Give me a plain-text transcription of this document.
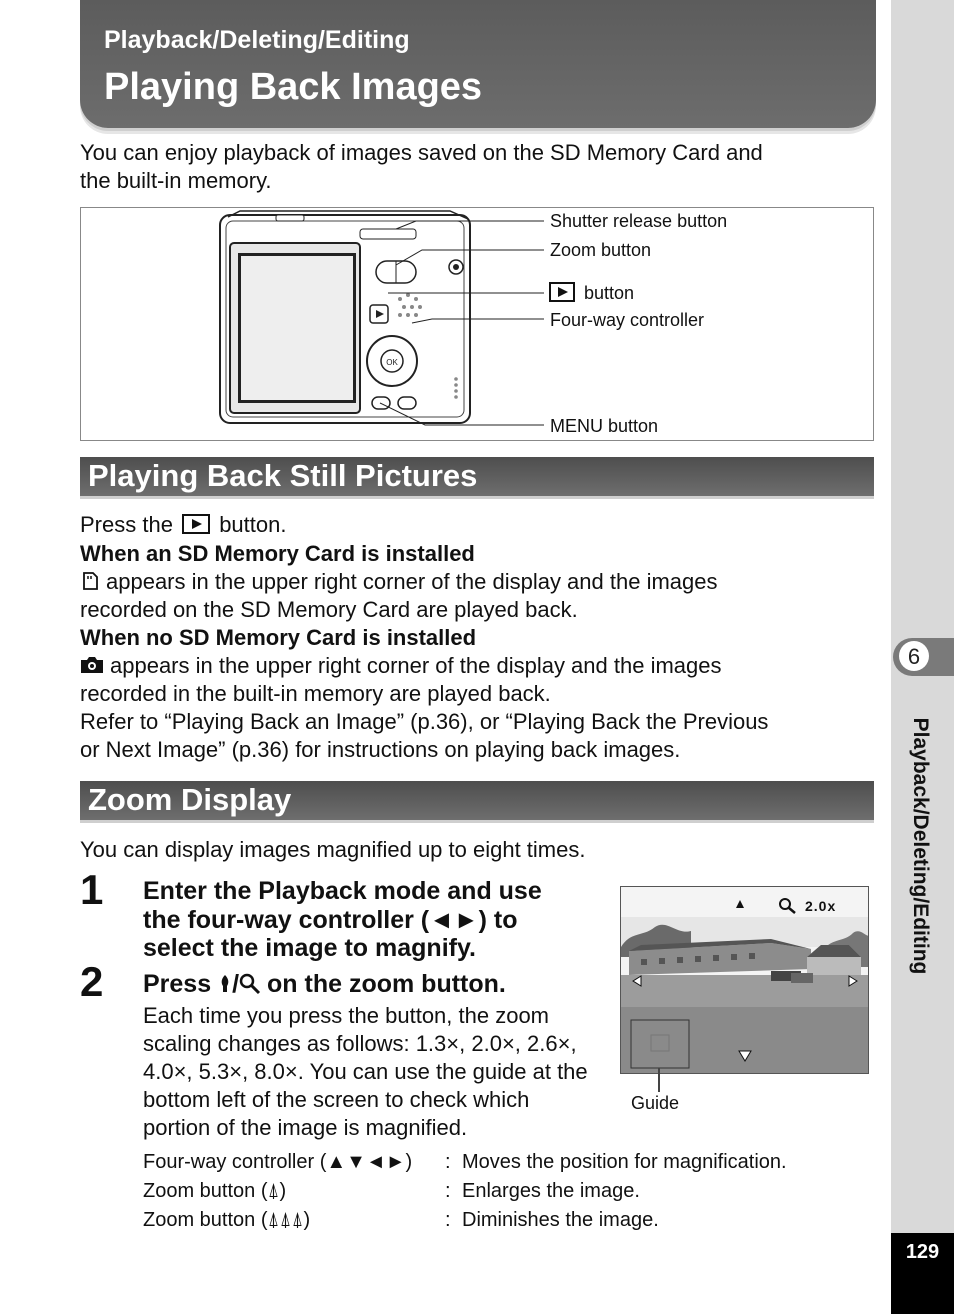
Playback/Deleting/Editing
Playing Back Images
6
Playback/Deleting/Editing
129
You can enjoy playback of images saved on the SD Memory Card and
the built-in memory.
OK
Shutter release button
Zoom button
button
Four-way controller
MENU button
Playing Back Still Pictures
Press the button.
When an SD Memory Card is installed
appears in the upper right corner of the display and the images
recorded on the SD Memory Card are played back.
When no SD Memory Card is installed
appears in the upper right corner of the display and the images
recorded in the built-in memory are played back.
Refer to “Playing Back an Image” (p.36), or “Playing Back the Previous
or Next Image” (p.36) for instructions on playing back images.
Zoom Display
You can display images magnified up to eight times.
1 Enter the Playback mode and use
the four-way controller (◄►) to
select the image to magnify.
2 Press / on the zoom button.
Each time you press the button, the zoom
scaling changes as follows: 1.3×, 2.0×, 2.6×,
4.0×, 5.3×, 8.0×. You can use the guide at the
bottom left of the screen to check which
portion of the image is magnified.
2.0x
Guide
Four-way controller (▲▼◄►) : Moves the position for magnification.
Zoom button (⍋)	: Enlarges the image.
Zoom button (⍋⍋⍋)	: Diminishes the image.
